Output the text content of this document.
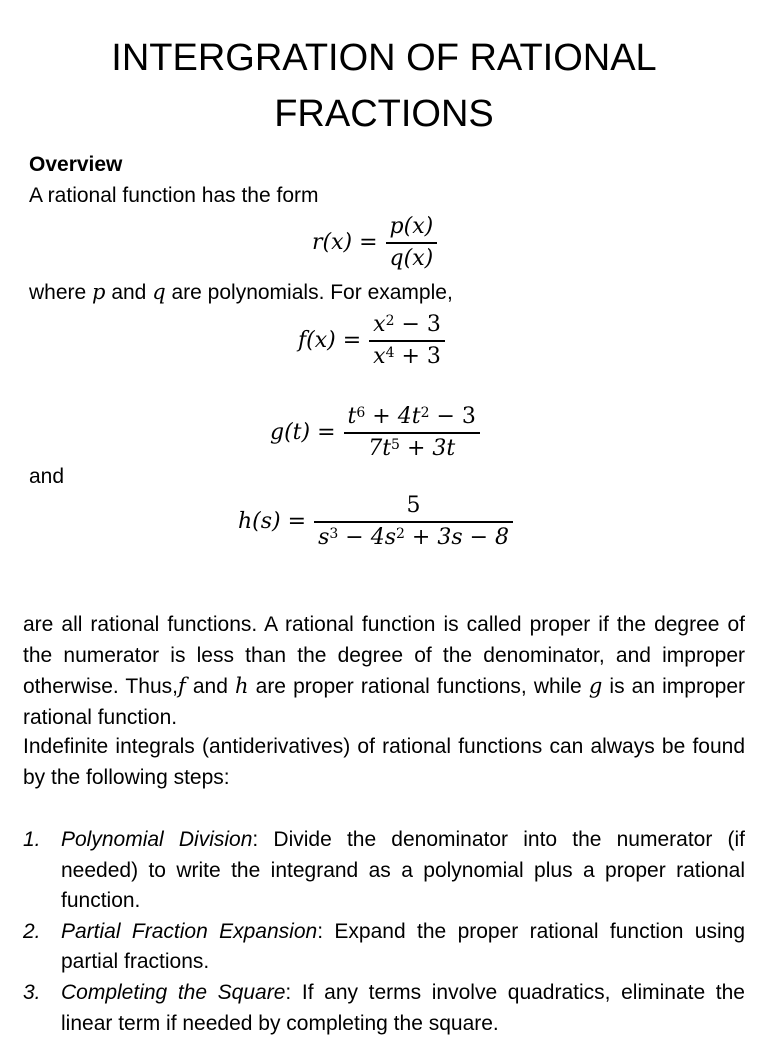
INTERGRATION OF RATIONAL
FRACTIONS
Overview
A rational function has the form
$r(x) = \frac{p(x)}{q(x)}$
where p and q are polynomials. For example,
$f(x) = \frac{x^2 - 3}{x^4 + 3}$
$g(t) = \frac{t^6 + 4t^2 - 3}{7t^5 + 3t}$
and
$h(s) = \frac{5}{s^3 - 4s^2 + 3s - 8}$
are all rational functions. A rational function is called proper if the degree of the numerator is less than the degree of the denominator, and improper otherwise. Thus,f and h are proper rational functions, while g is an improper rational function.
Indefinite integrals (antiderivatives) of rational functions can always be found by the following steps:
1. Polynomial Division: Divide the denominator into the numerator (if needed) to write the integrand as a polynomial plus a proper rational function.
2. Partial Fraction Expansion: Expand the proper rational function using partial fractions.
3. Completing the Square: If any terms involve quadratics, eliminate the linear term if needed by completing the square.
